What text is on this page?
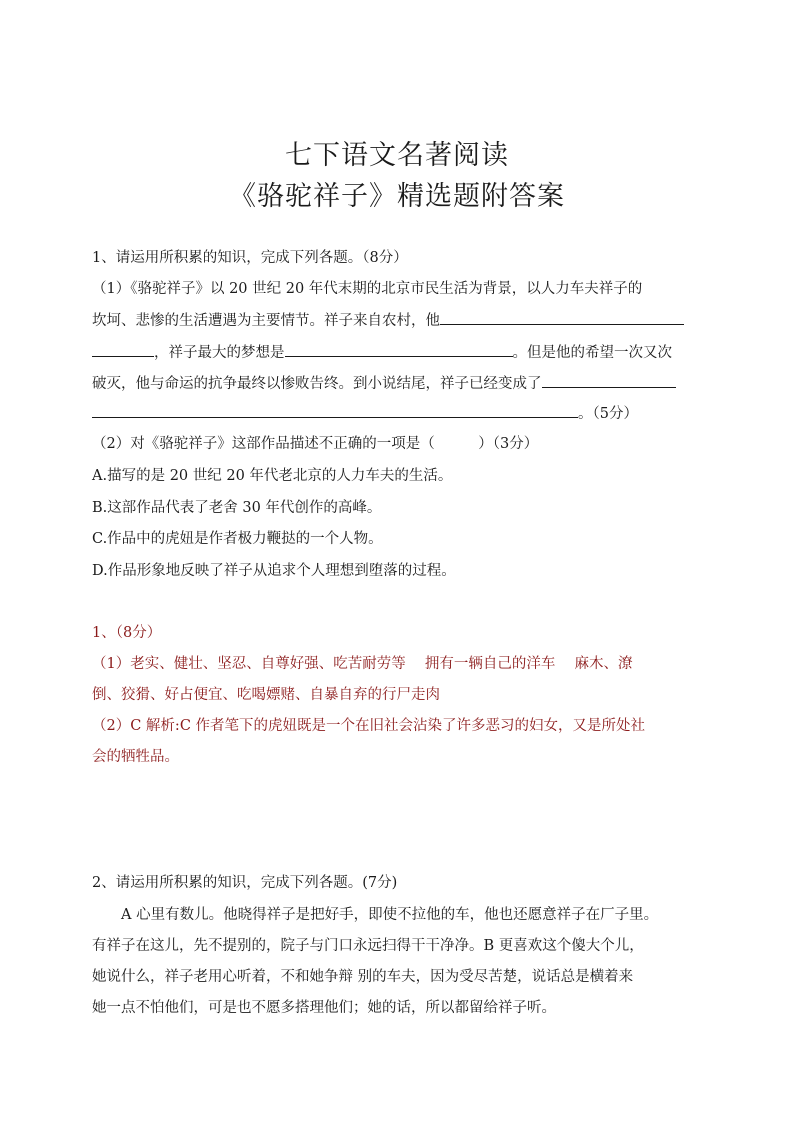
七下语文名著阅读
《骆驼祥子》精选题附答案
1、请运用所积累的知识，完成下列各题。（8分）
（1）《骆驼祥子》以 20 世纪 20 年代末期的北京市民生活为背景，以人力车夫祥子的
坎坷、悲惨的生活遭遇为主要情节。祥子来自农村，他
，祥子最大的梦想是	。但是他的希望一次又次
破灭，他与命运的抗争最终以惨败告终。到小说结尾，祥子已经变成了
。（5分）
（2）对《骆驼祥子》这部作品描述不正确的一项是（　　　）（3分）
A.描写的是 20 世纪 20 年代老北京的人力车夫的生活。
B.这部作品代表了老舍 30 年代创作的高峰。
C.作品中的虎妞是作者极力鞭挞的一个人物。
D.作品形象地反映了祥子从追求个人理想到堕落的过程。
1、（8分）
（1）老实、健壮、坚忍、自尊好强、吃苦耐劳等　 拥有一辆自己的洋车　 麻木、潦
倒、狡猾、好占便宜、吃喝嫖赌、自暴自弃的行尸走肉
（2）C 解析:C 作者笔下的虎妞既是一个在旧社会沾染了许多恶习的妇女，又是所处社
会的牺牲品。
2、请运用所积累的知识，完成下列各题。(7分)
　　A 心里有数儿。他晓得祥子是把好手，即使不拉他的车，他也还愿意祥子在厂子里。
有祥子在这儿，先不提别的，院子与门口永远扫得干干净净。B 更喜欢这个傻大个儿，
她说什么，祥子老用心听着，不和她争辩 别的车夫，因为受尽苦楚，说话总是横着来
她一点不怕他们，可是也不愿多搭理他们；她的话，所以都留给祥子听。
